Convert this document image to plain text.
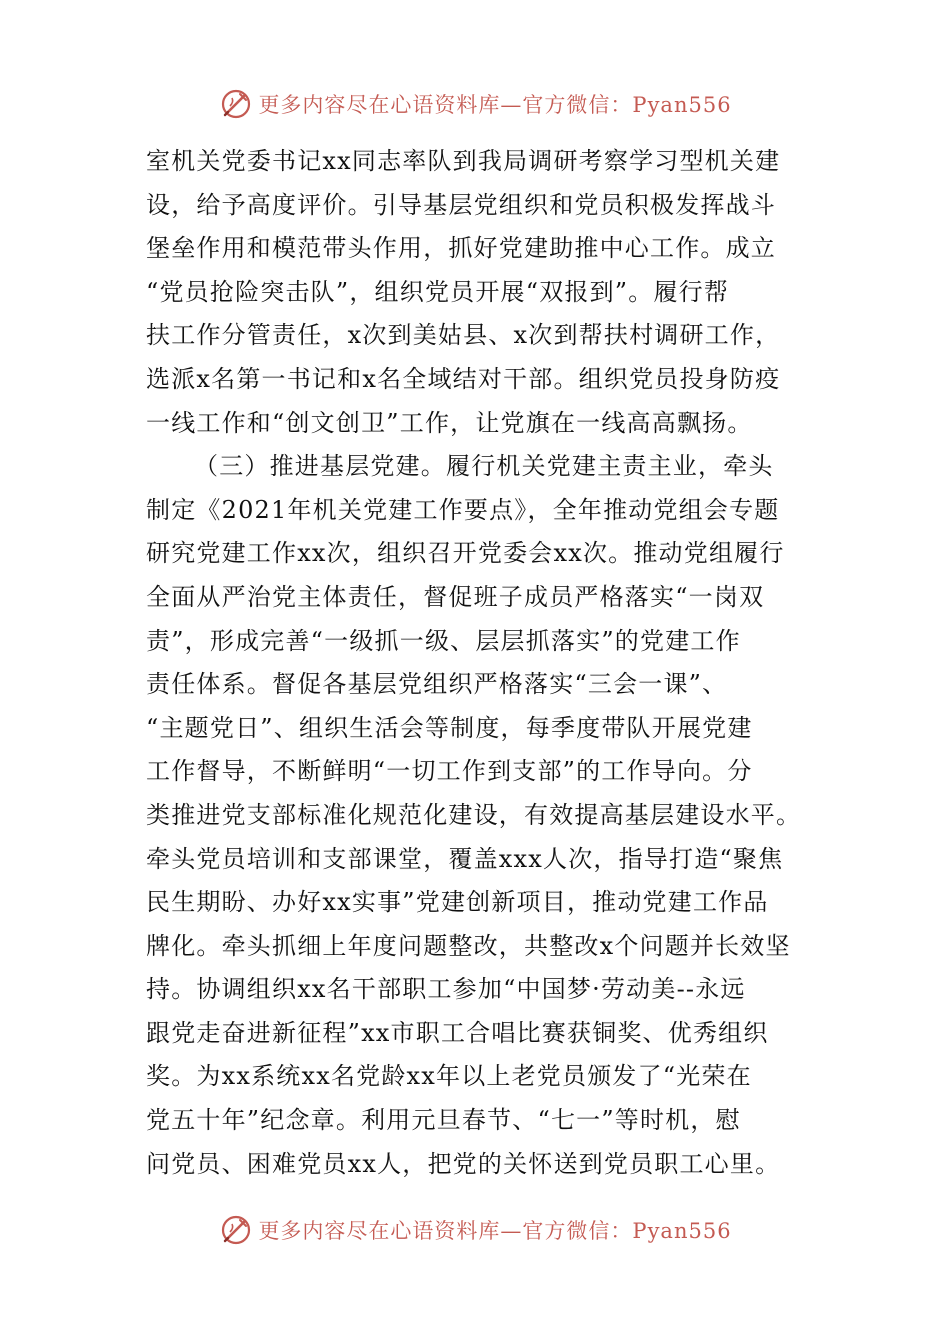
更多内容尽在心语资料库—官方微信：Pyan556
室机关党委书记xx同志率队到我局调研考察学习型机关建
设，给予高度评价。引导基层党组织和党员积极发挥战斗
堡垒作用和模范带头作用，抓好党建助推中心工作。成立
“党员抢险突击队”，组织党员开展“双报到”。履行帮
扶工作分管责任，x次到美姑县、x次到帮扶村调研工作，
选派x名第一书记和x名全域结对干部。组织党员投身防疫
一线工作和“创文创卫”工作，让党旗在一线高高飘扬。
（三）推进基层党建。履行机关党建主责主业，牵头
制定《2021年机关党建工作要点》，全年推动党组会专题
研究党建工作xx次，组织召开党委会xx次。推动党组履行
全面从严治党主体责任，督促班子成员严格落实“一岗双
责”，形成完善“一级抓一级、层层抓落实”的党建工作
责任体系。督促各基层党组织严格落实“三会一课”、
“主题党日”、组织生活会等制度，每季度带队开展党建
工作督导，不断鲜明“一切工作到支部”的工作导向。分
类推进党支部标准化规范化建设，有效提高基层建设水平。
牵头党员培训和支部课堂，覆盖xxx人次，指导打造“聚焦
民生期盼、办好xx实事”党建创新项目，推动党建工作品
牌化。牵头抓细上年度问题整改，共整改x个问题并长效坚
持。协调组织xx名干部职工参加“中国梦·劳动美--永远
跟党走奋进新征程”xx市职工合唱比赛获铜奖、优秀组织
奖。为xx系统xx名党龄xx年以上老党员颁发了“光荣在
党五十年”纪念章。利用元旦春节、“七一”等时机，慰
问党员、困难党员xx人，把党的关怀送到党员职工心里。
更多内容尽在心语资料库—官方微信：Pyan556
